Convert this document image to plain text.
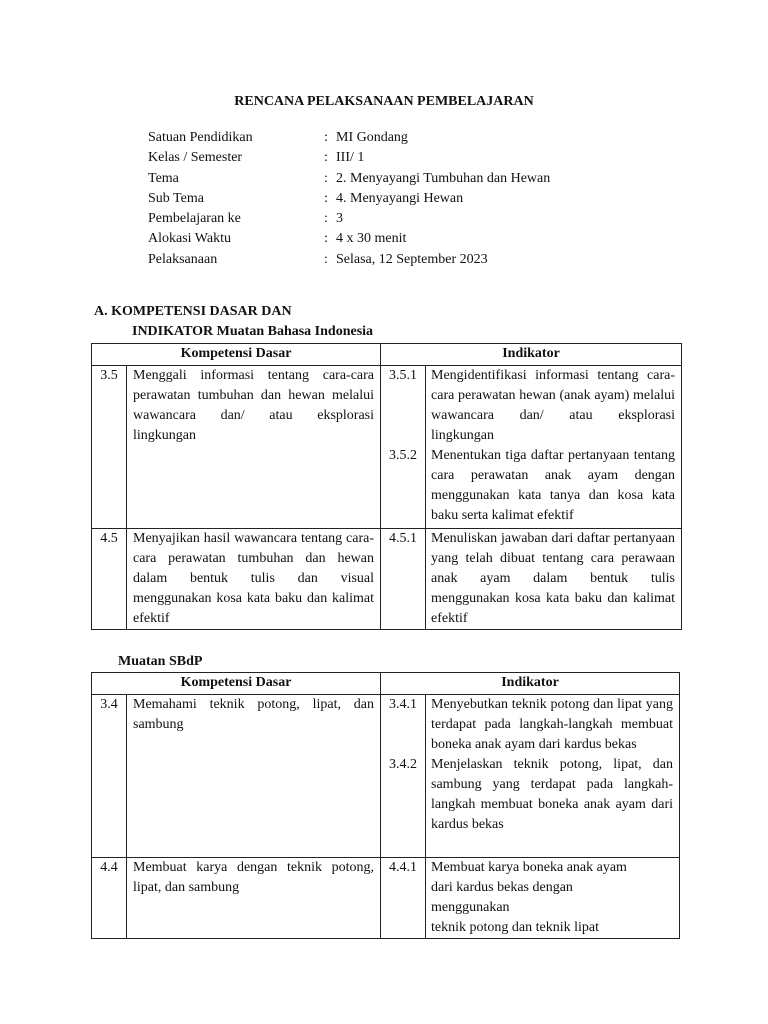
RENCANA PELAKSANAAN PEMBELAJARAN
Satuan Pendidikan	:	MI Gondang
Kelas / Semester	:	III/ 1
Tema	:	2. Menyayangi Tumbuhan dan Hewan
Sub Tema	:	4. Menyayangi Hewan
Pembelajaran ke	:	3
Alokasi Waktu	:	4 x 30 menit
Pelaksanaan	:	Selasa, 12 September 2023
A. KOMPETENSI DASAR DAN
INDIKATOR Muatan Bahasa Indonesia
Kompetensi Dasar		Indikator
3.5	Menggali informasi tentang cara-cara perawatan tumbuhan dan hewan melalui wawancara dan/ atau eksplorasi lingkungan	3.5.1 Mengidentifikasi informasi tentang cara-cara perawatan hewan (anak ayam) melalui wawancara dan/ atau eksplorasi lingkungan
3.5.2 Menentukan tiga daftar pertanyaan tentang cara perawatan anak ayam dengan menggunakan kata tanya dan kosa kata baku serta kalimat efektif

4.5	Menyajikan hasil wawancara tentang cara-cara perawatan tumbuhan dan hewan dalam bentuk tulis dan visual menggunakan kosa kata baku dan kalimat efektif	4.5.1 Menuliskan jawaban dari daftar pertanyaan yang telah dibuat tentang cara perawaan anak ayam dalam bentuk tulis menggunakan kosa kata baku dan kalimat efektif
Muatan SBdP
Kompetensi Dasar		Indikator
3.4	Memahami teknik potong, lipat, dan sambung	3.4.1 Menyebutkan teknik potong dan lipat yang terdapat pada langkah-langkah membuat boneka anak ayam dari kardus bekas
3.4.2 Menjelaskan teknik potong, lipat, dan sambung yang terdapat pada langkah-langkah membuat boneka anak ayam dari kardus bekas

4.4	Membuat karya dengan teknik potong, lipat, dan sambung	4.4.1 Membuat karya boneka anak ayam
dari kardus bekas dengan
menggunakan
teknik potong dan teknik lipat
